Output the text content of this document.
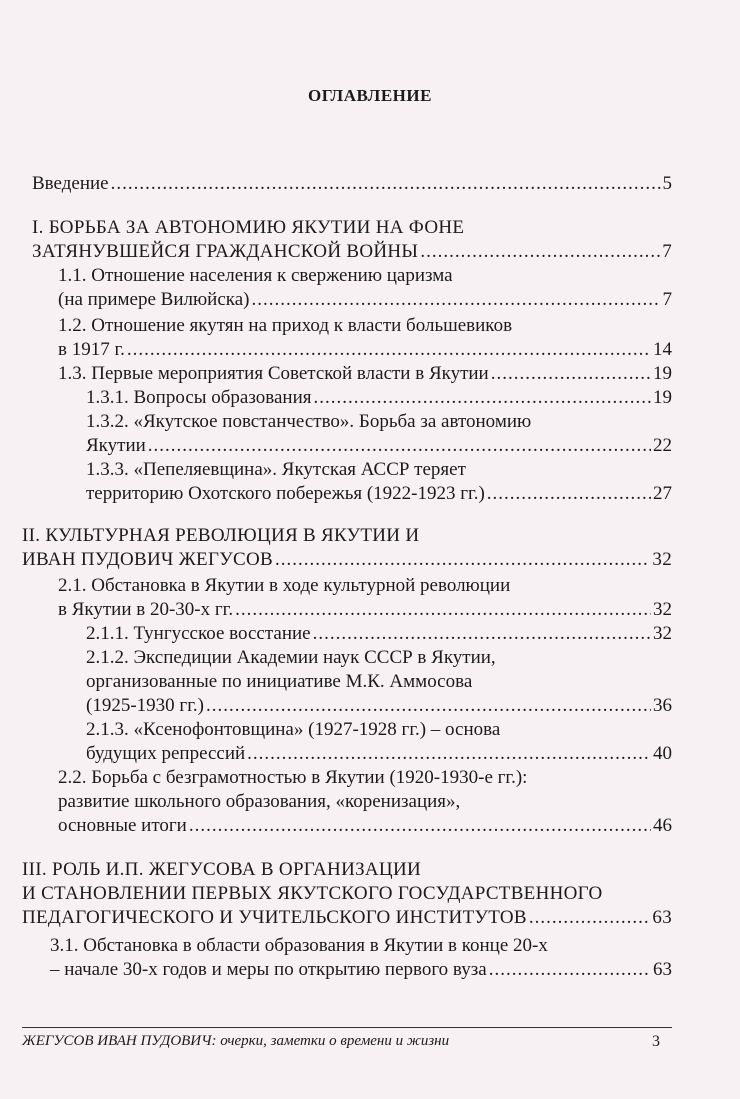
ОГЛАВЛЕНИЕ
Введение .....	5
I. БОРЬБА ЗА АВТОНОМИЮ ЯКУТИИ НА ФОНЕ
ЗАТЯНУВШЕЙСЯ ГРАЖДАНСКОЙ ВОЙНЫ .....	7
1.1. Отношение населения к свержению царизма
(на примере Вилюйска) .....	7
1.2. Отношение якутян на приход к власти большевиков
в 1917 г. .....	14
1.3. Первые мероприятия Советской власти в Якутии .....	19
1.3.1. Вопросы образования .....	19
1.3.2. «Якутское повстанчество». Борьба за автономию
Якутии .....	22
1.3.3. «Пепеляевщина». Якутская АССР теряет
территорию Охотского побережья (1922-1923 гг.) .....	27
II. КУЛЬТУРНАЯ РЕВОЛЮЦИЯ В ЯКУТИИ И
ИВАН ПУДОВИЧ ЖЕГУСОВ .....	32
2.1. Обстановка в Якутии в ходе культурной революции
в Якутии в 20-30-х гг. .....	32
2.1.1. Тунгусское восстание .....	32
2.1.2. Экспедиции Академии наук СССР в Якутии,
организованные по инициативе М.К. Аммосова
(1925-1930 гг.) .....	36
2.1.3. «Ксенофонтовщина» (1927-1928 гг.) – основа
будущих репрессий .....	40
2.2. Борьба с безграмотностью в Якутии (1920-1930-е гг.):
развитие школьного образования, «коренизация»,
основные итоги .....	46
III. РОЛЬ И.П. ЖЕГУСОВА В ОРГАНИЗАЦИИ
И СТАНОВЛЕНИИ ПЕРВЫХ ЯКУТСКОГО ГОСУДАРСТВЕННОГО
ПЕДАГОГИЧЕСКОГО И УЧИТЕЛЬСКОГО ИНСТИТУТОВ .....	63
3.1. Обстановка в области образования в Якутии в конце 20-х
– начале 30-х годов и меры по открытию первого вуза .....	63
ЖЕГУСОВ ИВАН ПУДОВИЧ: очерки, заметки о времени и жизни	3
